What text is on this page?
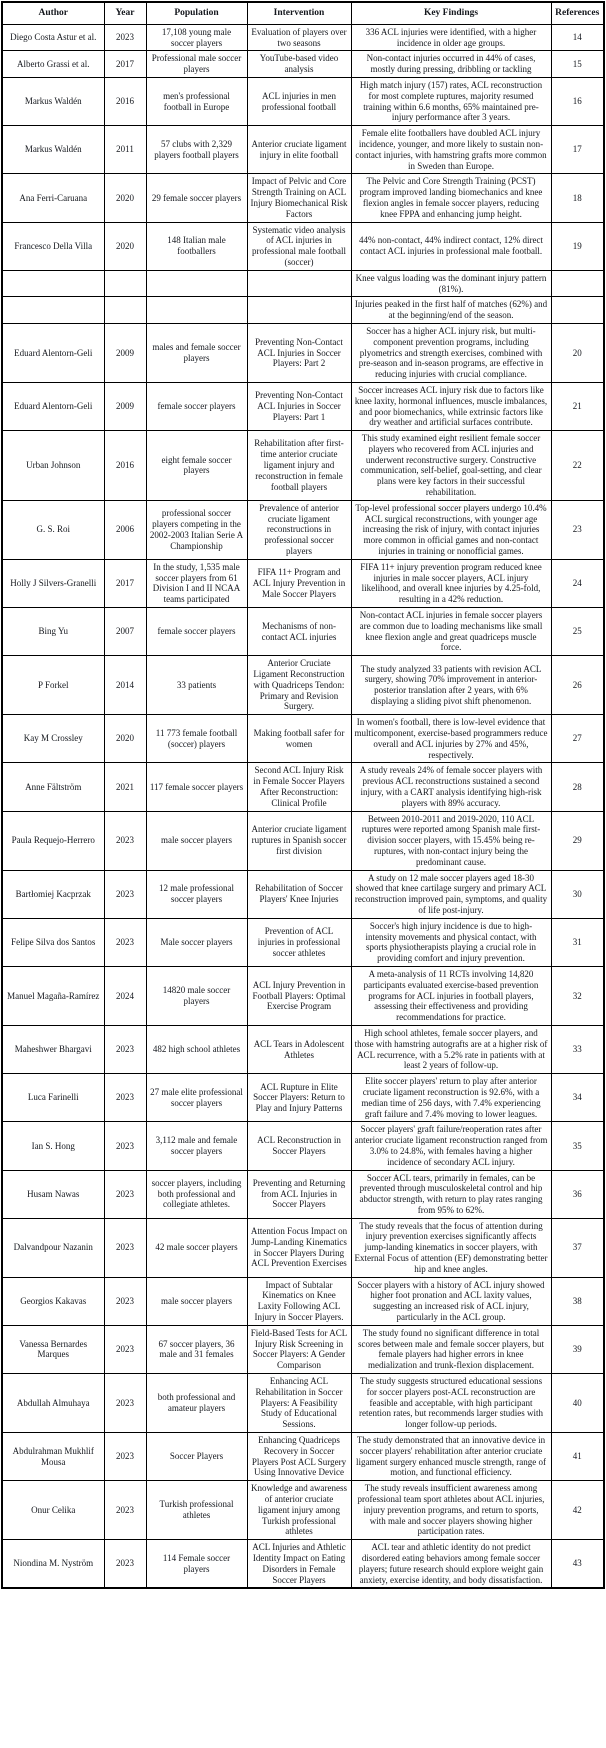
Author	Year	Population	Intervention	Key Findings	References
Diego Costa Astur et al.	2023	17,108 young male soccer players	Evaluation of players over two seasons	336 ACL injuries were identified, with a higher incidence in older age groups.	14
Alberto Grassi et al.	2017	Professional male soccer players	YouTube-based video analysis	Non-contact injuries occurred in 44% of cases, mostly during pressing, dribbling or tackling	15
Markus Waldén	2016	men's professional football in Europe	ACL injuries in men professional football	High match injury (157) rates, ACL reconstruction for most complete ruptures, majority resumed training within 6.6 months, 65% maintained pre-injury performance after 3 years.	16
Markus Waldén	2011	57 clubs with 2,329 players football players	Anterior cruciate ligament injury in elite football	Female elite footballers have doubled ACL injury incidence, younger, and more likely to sustain non-contact injuries, with hamstring grafts more common in Sweden than Europe.	17
Ana Ferri-Caruana	2020	29 female soccer players	Impact of Pelvic and Core Strength Training on ACL Injury Biomechanical Risk Factors	The Pelvic and Core Strength Training (PCST) program improved landing biomechanics and knee flexion angles in female soccer players, reducing knee FPPA and enhancing jump height.	18
Francesco Della Villa	2020	148 Italian male footballers	Systematic video analysis of ACL injuries in professional male football (soccer)	44% non-contact, 44% indirect contact, 12% direct contact ACL injuries in professional male football.	19
				Knee valgus loading was the dominant injury pattern (81%).	
				Injuries peaked in the first half of matches (62%) and at the beginning/end of the season.	
Eduard Alentorn-Geli	2009	males and female soccer players	Preventing Non-Contact ACL Injuries in Soccer Players: Part 2	Soccer has a higher ACL injury risk, but multi-component prevention programs, including plyometrics and strength exercises, combined with pre-season and in-season programs, are effective in reducing injuries with crucial compliance.	20
Eduard Alentorn-Geli	2009	female soccer players	Preventing Non-Contact ACL Injuries in Soccer Players: Part 1	Soccer increases ACL injury risk due to factors like knee laxity, hormonal influences, muscle imbalances, and poor biomechanics, while extrinsic factors like dry weather and artificial surfaces contribute.	21
Urban Johnson	2016	eight female soccer players	Rehabilitation after first-time anterior cruciate ligament injury and reconstruction in female football players	This study examined eight resilient female soccer players who recovered from ACL injuries and underwent reconstructive surgery. Constructive communication, self-belief, goal-setting, and clear plans were key factors in their successful rehabilitation.	22
G. S. Roi	2006	professional soccer players competing in the 2002-2003 Italian Serie A Championship	Prevalence of anterior cruciate ligament reconstructions in professional soccer players	Top-level professional soccer players undergo 10.4% ACL surgical reconstructions, with younger age increasing the risk of injury, with contact injuries more common in official games and non-contact injuries in training or nonofficial games.	23
Holly J Silvers-Granelli	2017	In the study, 1,535 male soccer players from 61 Division I and II NCAA teams participated	FIFA 11+ Program and ACL Injury Prevention in Male Soccer Players	FIFA 11+ injury prevention program reduced knee injuries in male soccer players, ACL injury likelihood, and overall knee injuries by 4.25-fold, resulting in a 42% reduction.	24
Bing Yu	2007	female soccer players	Mechanisms of non-contact ACL injuries	Non-contact ACL injuries in female soccer players are common due to loading mechanisms like small knee flexion angle and great quadriceps muscle force.	25
P Forkel	2014	33 patients	Anterior Cruciate Ligament Reconstruction with Quadriceps Tendon: Primary and Revision Surgery.	The study analyzed 33 patients with revision ACL surgery, showing 70% improvement in anterior-posterior translation after 2 years, with 6% displaying a sliding pivot shift phenomenon.	26
Kay M Crossley	2020	11 773 female football (soccer) players	Making football safer for women	In women's football, there is low-level evidence that multicomponent, exercise-based programmers reduce overall and ACL injuries by 27% and 45%, respectively.	27
Anne Fältström	2021	117 female soccer players	Second ACL Injury Risk in Female Soccer Players After Reconstruction: Clinical Profile	A study reveals 24% of female soccer players with previous ACL reconstructions sustained a second injury, with a CART analysis identifying high-risk players with 89% accuracy.	28
Paula Requejo-Herrero	2023	male soccer players	Anterior cruciate ligament ruptures in Spanish soccer first division	Between 2010-2011 and 2019-2020, 110 ACL ruptures were reported among Spanish male first-division soccer players, with 15.45% being re-ruptures, with non-contact injury being the predominant cause.	29
Bartłomiej Kacprzak	2023	12 male professional soccer players	Rehabilitation of Soccer Players' Knee Injuries	A study on 12 male soccer players aged 18-30 showed that knee cartilage surgery and primary ACL reconstruction improved pain, symptoms, and quality of life post-injury.	30
Felipe Silva dos Santos	2023	Male soccer players	Prevention of ACL injuries in professional soccer athletes	Soccer's high injury incidence is due to high-intensity movements and physical contact, with sports physiotherapists playing a crucial role in providing comfort and injury prevention.	31
Manuel Magaña-Ramírez	2024	14820 male soccer players	ACL Injury Prevention in Football Players: Optimal Exercise Program	A meta-analysis of 11 RCTs involving 14,820 participants evaluated exercise-based prevention programs for ACL injuries in football players, assessing their effectiveness and providing recommendations for practice.	32
Maheshwer Bhargavi	2023	482 high school athletes	ACL Tears in Adolescent Athletes	High school athletes, female soccer players, and those with hamstring autografts are at a higher risk of ACL recurrence, with a 5.2% rate in patients with at least 2 years of follow-up.	33
Luca Farinelli	2023	27 male elite professional soccer players	ACL Rupture in Elite Soccer Players: Return to Play and Injury Patterns	Elite soccer players' return to play after anterior cruciate ligament reconstruction is 92.6%, with a median time of 256 days, with 7.4% experiencing graft failure and 7.4% moving to lower leagues.	34
Ian S. Hong	2023	3,112 male and female soccer players	ACL Reconstruction in Soccer Players	Soccer players' graft failure/reoperation rates after anterior cruciate ligament reconstruction ranged from 3.0% to 24.8%, with females having a higher incidence of secondary ACL injury.	35
Husam Nawas	2023	soccer players, including both professional and collegiate athletes.	Preventing and Returning from ACL Injuries in Soccer Players	Soccer ACL tears, primarily in females, can be prevented through musculoskeletal control and hip abductor strength, with return to play rates ranging from 95% to 62%.	36
Dalvandpour Nazanin	2023	42 male soccer players	Attention Focus Impact on Jump-Landing Kinematics in Soccer Players During ACL Prevention Exercises	The study reveals that the focus of attention during injury prevention exercises significantly affects jump-landing kinematics in soccer players, with External Focus of attention (EF) demonstrating better hip and knee angles.	37
Georgios Kakavas	2023	male soccer players	Impact of Subtalar Kinematics on Knee Laxity Following ACL Injury in Soccer Players.	Soccer players with a history of ACL injury showed higher foot pronation and ACL laxity values, suggesting an increased risk of ACL injury, particularly in the ACL group.	38
Vanessa Bernardes Marques	2023	67 soccer players, 36 male and 31 females	Field-Based Tests for ACL Injury Risk Screening in Soccer Players: A Gender Comparison	The study found no significant difference in total scores between male and female soccer players, but female players had higher errors in knee medialization and trunk-flexion displacement.	39
Abdullah Almuhaya	2023	both professional and amateur players	Enhancing ACL Rehabilitation in Soccer Players: A Feasibility Study of Educational Sessions.	The study suggests structured educational sessions for soccer players post-ACL reconstruction are feasible and acceptable, with high participant retention rates, but recommends larger studies with longer follow-up periods.	40
Abdulrahman Mukhlif Mousa	2023	Soccer Players	Enhancing Quadriceps Recovery in Soccer Players Post ACL Surgery Using Innovative Device	The study demonstrated that an innovative device in soccer players' rehabilitation after anterior cruciate ligament surgery enhanced muscle strength, range of motion, and functional efficiency.	41
Onur Celika	2023	Turkish professional athletes	Knowledge and awareness of anterior cruciate ligament injury among Turkish professional athletes	The study reveals insufficient awareness among professional team sport athletes about ACL injuries, injury prevention programs, and return to sports, with male and soccer players showing higher participation rates.	42
Niondina M. Nyström	2023	114 Female soccer players	ACL Injuries and Athletic Identity Impact on Eating Disorders in Female Soccer Players	ACL tear and athletic identity do not predict disordered eating behaviors among female soccer players; future research should explore weight gain anxiety, exercise identity, and body dissatisfaction.	43
